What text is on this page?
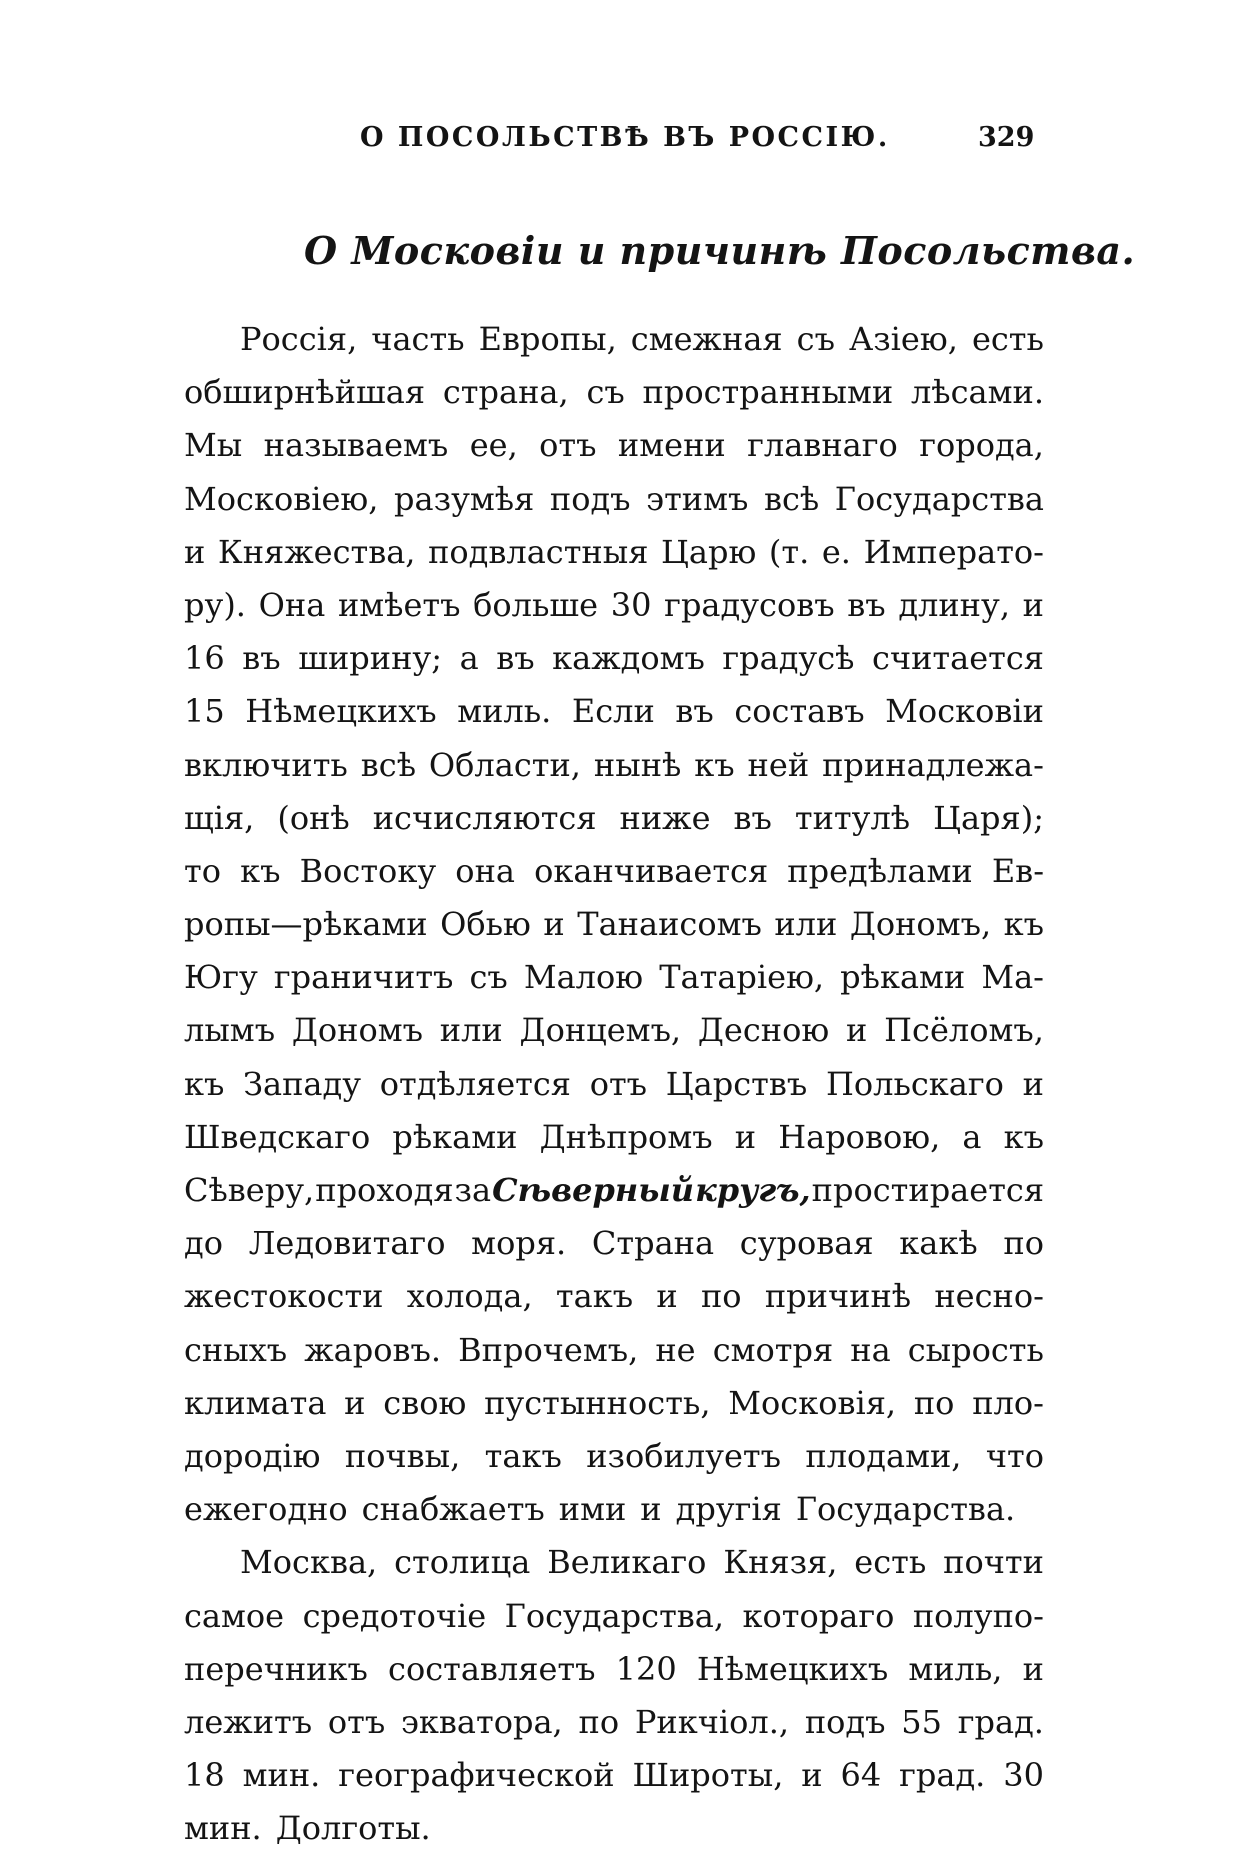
О ПОСОЛЬСТВѢ ВЪ РОССІЮ.	329
О Московіи и причинѣ Посольства.
Россія, часть Европы, смежная съ Азіею, есть
обширнѣйшая страна, съ пространными лѣсами.
Мы называемъ ее, отъ имени главнаго города,
Московіею, разумѣя подъ этимъ всѣ Государства
и Княжества, подвластныя Царю (т. е. Императо-
ру). Она имѣетъ больше 30 градусовъ въ длину, и
16 въ ширину; а въ каждомъ градусѣ считается
15 Нѣмецкихъ миль. Если въ составъ Московіи
включить всѣ Области, нынѣ къ ней принадлежа-
щія, (онѣ исчисляются ниже въ титулѣ Царя);
то къ Востоку она оканчивается предѣлами Ев-
ропы—рѣками Обью и Танаисомъ или Дономъ, къ
Югу граничитъ съ Малою Татаріею, рѣками Ма-
лымъ Дономъ или Донцемъ, Десною и Псёломъ,
къ Западу отдѣляется отъ Царствъ Польскаго и
Шведскаго рѣками Днѣпромъ и Наровою, а къ
Сѣверу, проходя за Сѣверный кругъ, простирается
до Ледовитаго моря. Страна суровая какѣ по
жестокости холода, такъ и по причинѣ несно-
сныхъ жаровъ. Впрочемъ, не смотря на сырость
климата и свою пустынность, Московія, по пло-
дородію почвы, такъ изобилуетъ плодами, что
ежегодно снабжаетъ ими и другія Государства.
Москва, столица Великаго Князя, есть почти
самое средоточіе Государства, котораго полупо-
перечникъ составляетъ 120 Нѣмецкихъ миль, и
лежитъ отъ экватора, по Рикчіол., подъ 55 град.
18 мин. географической Широты, и 64 град. 30
мин. Долготы.
